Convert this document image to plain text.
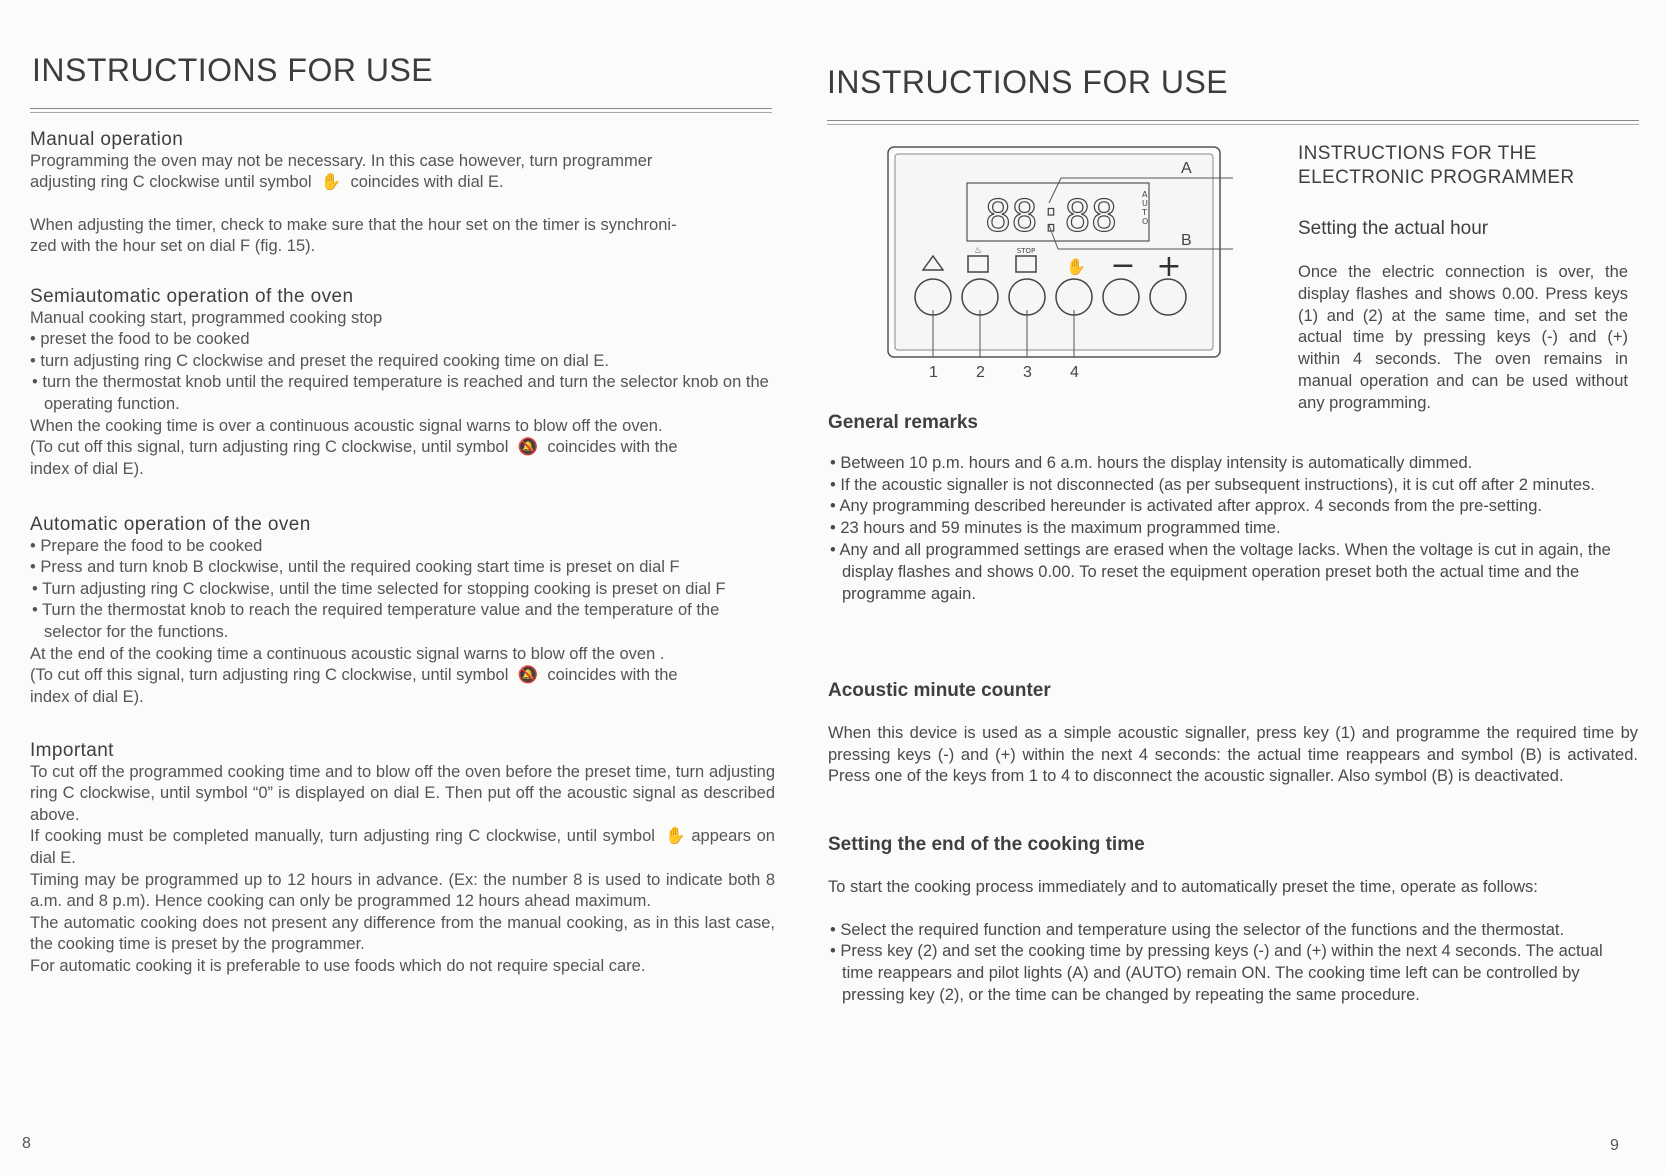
INSTRUCTIONS FOR USE

Manual operation

Programming the oven may not be necessary. In this case however, turn programmer

adjusting ring C clockwise until symbol  ✋  coincides with dial E.

When adjusting the timer, check to make sure that the hour set on the timer is synchroni-

zed with the hour set on dial F (fig. 15).

Semiautomatic operation of the oven

Manual cooking start, programmed cooking stop

• preset the food to be cooked

• turn adjusting ring C clockwise and preset the required cooking time on dial E.

• turn the thermostat knob until the required temperature is reached and turn the selector knob on the operating function.

When the cooking time is over a continuous acoustic signal warns to blow off the oven.

(To cut off this signal, turn adjusting ring C clockwise, until symbol  🔕  coincides with the

index of dial E).

Automatic operation of the oven

• Prepare the food to be cooked

• Press and turn knob B clockwise, until the required cooking start time is preset on dial F

• Turn adjusting ring C clockwise, until the time selected for stopping cooking is preset on dial F

• Turn the thermostat knob to reach the required temperature value and the temperature of the selector for the functions.

At the end of the cooking time a continuous acoustic signal warns to blow off the oven .

(To cut off this signal, turn adjusting ring C clockwise, until symbol  🔕  coincides with the

index of dial E).

Important

To cut off the programmed cooking time and to blow off the oven before the preset time, turn adjusting ring C clockwise, until symbol “0” is displayed on dial E. Then put off the acoustic signal as described above.

If cooking must be completed manually, turn adjusting ring C clockwise, until symbol  ✋ appears on dial E.

Timing may be programmed up to 12 hours in advance. (Ex: the number 8 is used to indicate both 8 a.m. and 8 p.m). Hence cooking can only be programmed 12 hours ahead maximum.

The automatic cooking does not present any difference from the manual cooking, as in this last case, the cooking time is preset by the programmer.

For automatic cooking it is preferable to use foods which do not require special care.

8
INSTRUCTIONS FOR USE

INSTRUCTIONS FOR THE

ELECTRONIC PROGRAMMER

Setting the actual hour
Once the electric connection is over, the display flashes and shows 0.00. Press keys (1) and (2) at the same time, and set the actual time by pressing keys (-) and (+) within 4 seconds. The oven remains in manual operation and can be used without any programming.

General remarks

• Between 10 p.m. hours and 6 a.m. hours the display intensity is automatically dimmed.

• If the acoustic signaller is not disconnected (as per subsequent instructions), it is cut off after 2 minutes.

• Any programming described hereunder is activated after approx. 4 seconds from the pre-setting.

• 23 hours and 59 minutes is the maximum programmed time.

• Any and all programmed settings are erased when the voltage lacks. When the voltage is cut in again, the display flashes and shows 0.00. To reset the equipment operation preset both the actual time and the programme again.

Acoustic minute counter

When this device is used as a simple acoustic signaller, press key (1) and programme the required time by pressing keys (-) and (+) within the next 4 seconds: the actual time reappears and symbol (B) is activated. Press one of the keys from 1 to 4 to disconnect the acoustic signaller. Also symbol (B) is deactivated.

Setting the end of the cooking time

To start the cooking process immediately and to automatically preset the time, operate as follows:

• Select the required function and temperature using the selector of the functions and the thermostat.

• Press key (2) and set the cooking time by pressing keys (-) and (+) within the next 4 seconds. The actual time reappears and pilot lights (A) and (AUTO) remain ON. The cooking time left can be controlled by pressing key (2), or the time can be changed by repeating the same procedure.

9
88:88	A
U
T
O
♨	STOP
✋ − +
A
B
1 2 3 4
